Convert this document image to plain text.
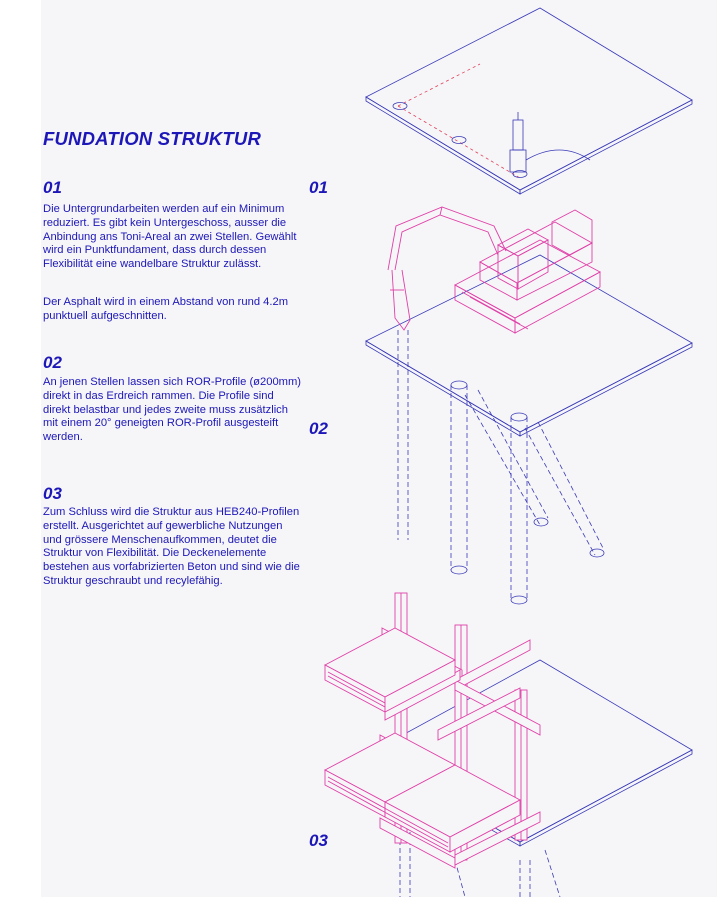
FUNDATION STRUKTUR
01

Die Untergrundarbeiten werden auf ein Minimum reduziert. Es gibt kein Untergeschoss, ausser die Anbindung ans Toni-Areal an zwei Stellen. Gewählt wird ein Punktfundament, dass durch dessen Flexibilität eine wandelbare Struktur zulässt.

Der Asphalt wird in einem Abstand von rund 4.2m punktuell aufgeschnitten.

02

An jenen Stellen lassen sich ROR-Profile (ø200mm) direkt in das Erdreich rammen. Die Profile sind direkt belastbar und jedes zweite muss zusätzlich mit einem 20° geneigten ROR-Profil ausgesteift werden.

03

Zum Schluss wird die Struktur aus HEB240-Profilen erstellt. Ausgerichtet auf gewerbliche Nutzungen und grössere Menschenaufkommen, deutet die Struktur von Flexibilität. Die Deckenelemente bestehen aus vorfabrizierten Beton und sind wie die Struktur geschraubt und recylefähig.

01
02
03
